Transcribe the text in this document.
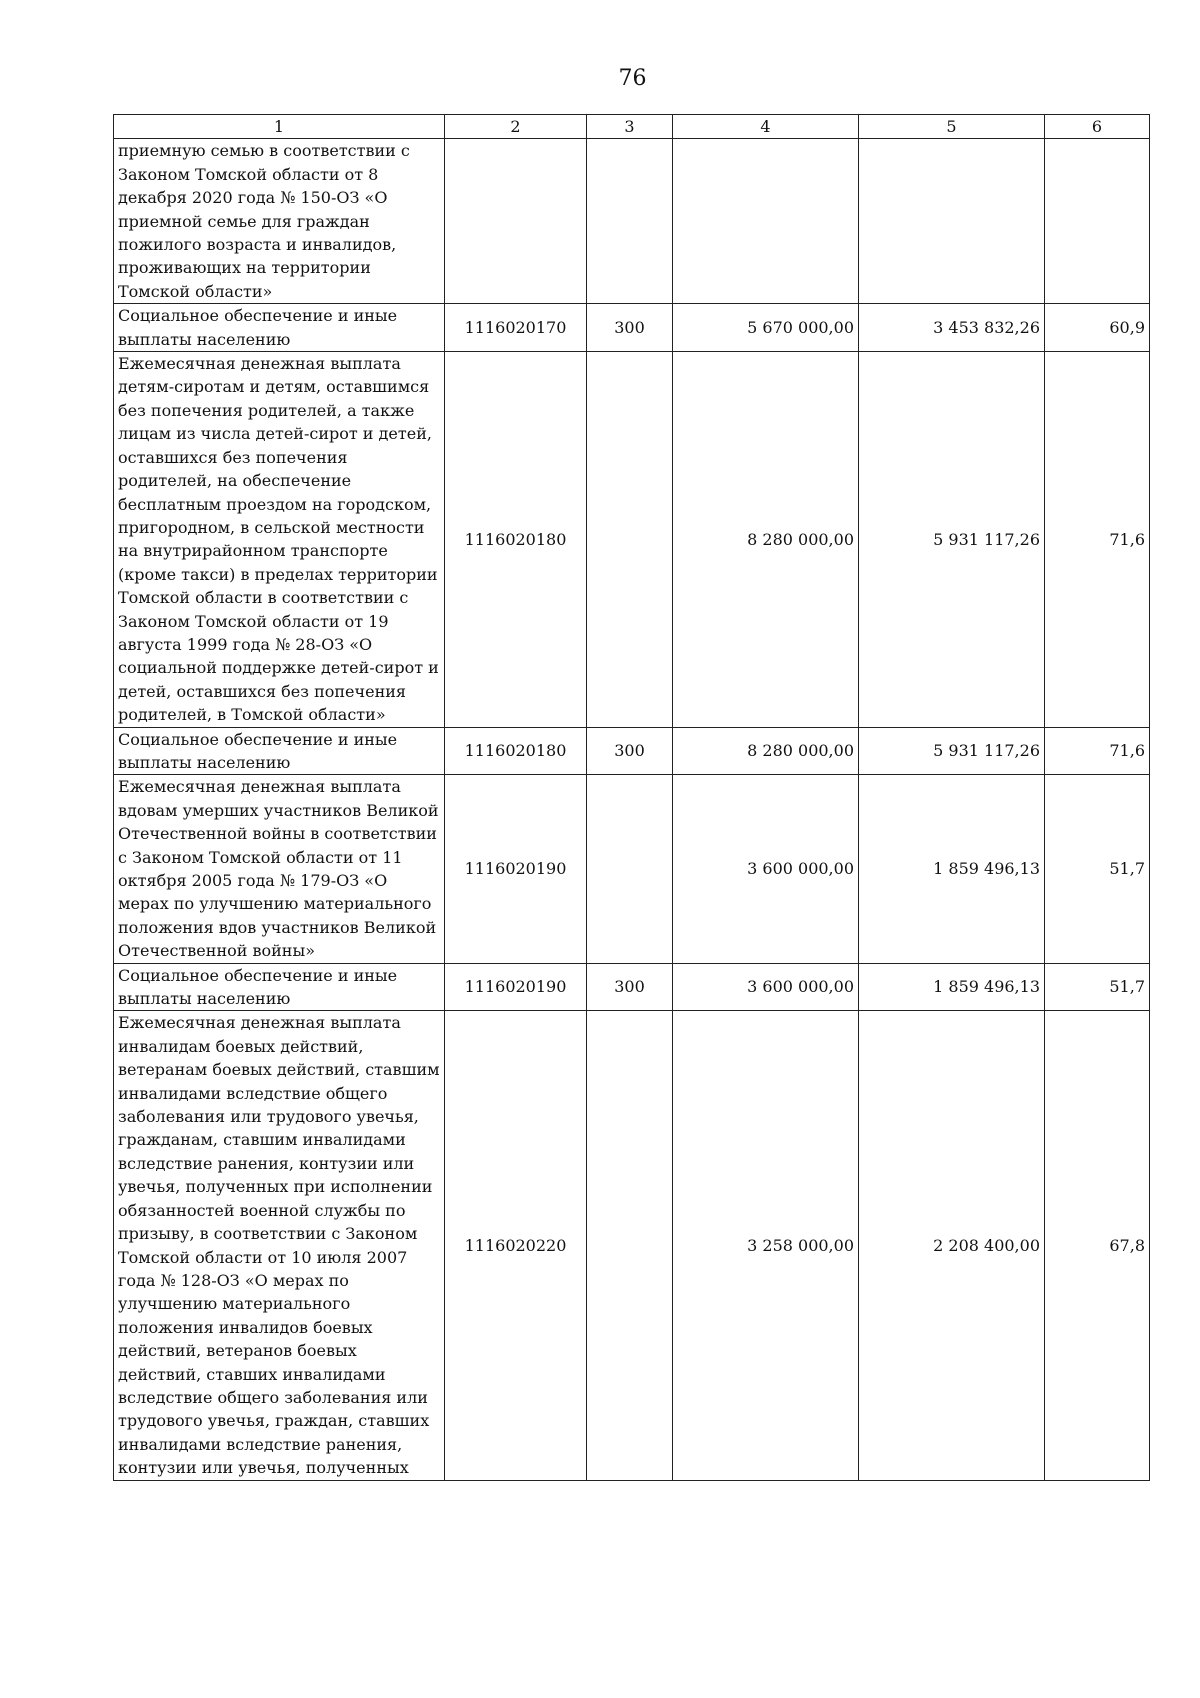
76
1	2	3	4	5	6
приемную семью в соответствии с Законом Томской области от 8 декабря 2020 года № 150-ОЗ «О приемной семье для граждан пожилого возраста и инвалидов, проживающих на территории Томской области»					
Социальное обеспечение и иные выплаты населению	1116020170	300	5 670 000,00	3 453 832,26	60,9
Ежемесячная денежная выплата детям-сиротам и детям, оставшимся без попечения родителей, а также лицам из числа детей-сирот и детей, оставшихся без попечения родителей, на обеспечение бесплатным проездом на городском, пригородном, в сельской местности на внутрирайонном транспорте (кроме такси) в пределах территории Томской области в соответствии с Законом Томской области от 19 августа 1999 года № 28-ОЗ «О социальной поддержке детей-сирот и детей, оставшихся без попечения родителей, в Томской области»	1116020180		8 280 000,00	5 931 117,26	71,6
Социальное обеспечение и иные выплаты населению	1116020180	300	8 280 000,00	5 931 117,26	71,6
Ежемесячная денежная выплата вдовам умерших участников Великой Отечественной войны в соответствии с Законом Томской области от 11 октября 2005 года № 179-ОЗ «О мерах по улучшению материального положения вдов участников Великой Отечественной войны»	1116020190		3 600 000,00	1 859 496,13	51,7
Социальное обеспечение и иные выплаты населению	1116020190	300	3 600 000,00	1 859 496,13	51,7
Ежемесячная денежная выплата инвалидам боевых действий, ветеранам боевых действий, ставшим инвалидами вследствие общего заболевания или трудового увечья, гражданам, ставшим инвалидами вследствие ранения, контузии или увечья, полученных при исполнении обязанностей военной службы по призыву, в соответствии с Законом Томской области от 10 июля 2007 года № 128-ОЗ «О мерах по улучшению материального положения инвалидов боевых действий, ветеранов боевых действий, ставших инвалидами вследствие общего заболевания или трудового увечья, граждан, ставших инвалидами вследствие ранения, контузии или увечья, полученных	1116020220		3 258 000,00	2 208 400,00	67,8
